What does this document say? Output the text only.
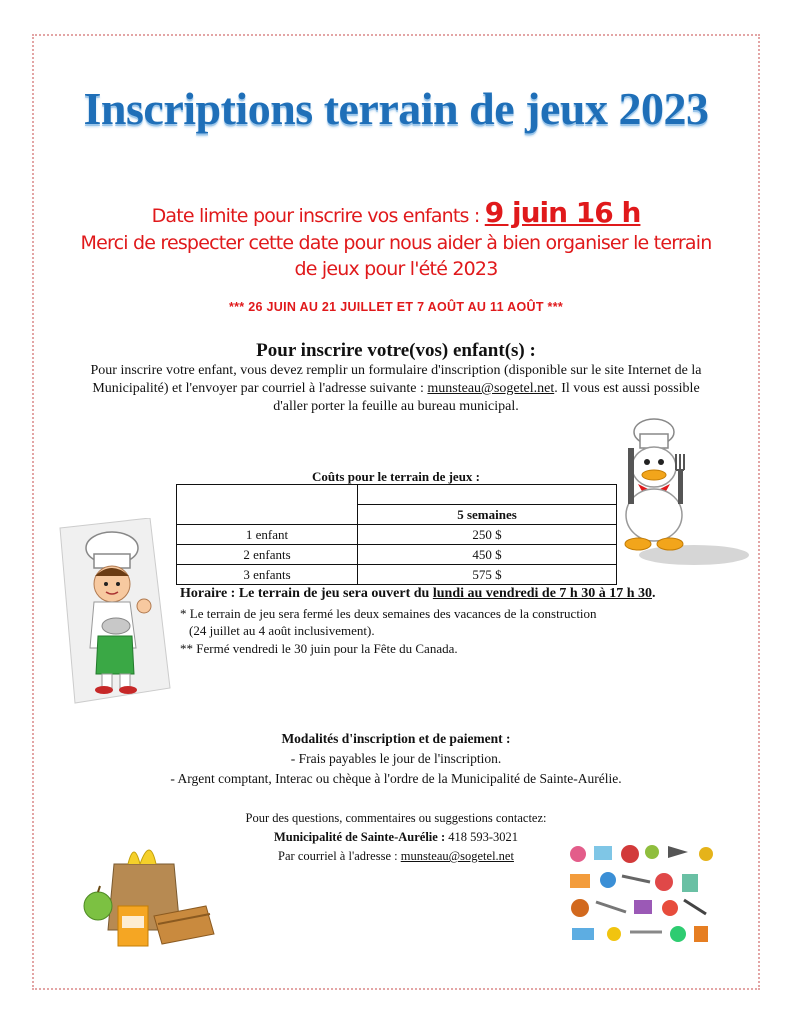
Inscriptions terrain de jeux 2023
Date limite pour inscrire vos enfants : 9 juin 16 h
Merci de respecter cette date pour nous aider à bien organiser le terrain de jeux pour l'été 2023
*** 26 JUIN AU 21 JUILLET ET 7 AOÛT AU 11 AOÛT ***
Pour inscrire votre(vos) enfant(s) :
Pour inscrire votre enfant, vous devez remplir un formulaire d'inscription (disponible sur le site Internet de la Municipalité) et l'envoyer par courriel à l'adresse suivante : munsteau@sogetel.net. Il vous est aussi possible d'aller porter la feuille au bureau municipal.
Coûts pour le terrain de jeux :

	5 semaines
1 enfant	250 $
2 enfants	450 $
3 enfants	575 $
Horaire : Le terrain de jeu sera ouvert du lundi au vendredi de 7 h 30 à 17 h 30.
* Le terrain de jeu sera fermé les deux semaines des vacances de la construction
(24 juillet au 4 août inclusivement).
** Fermé vendredi le 30 juin pour la Fête du Canada.
Modalités d'inscription et de paiement :
- Frais payables le jour de l'inscription.
- Argent comptant, Interac ou chèque à l'ordre de la Municipalité de Sainte-Aurélie.
Pour des questions, commentaires ou suggestions contactez:
Municipalité de Sainte-Aurélie : 418 593-3021
Par courriel à l'adresse : munsteau@sogetel.net
